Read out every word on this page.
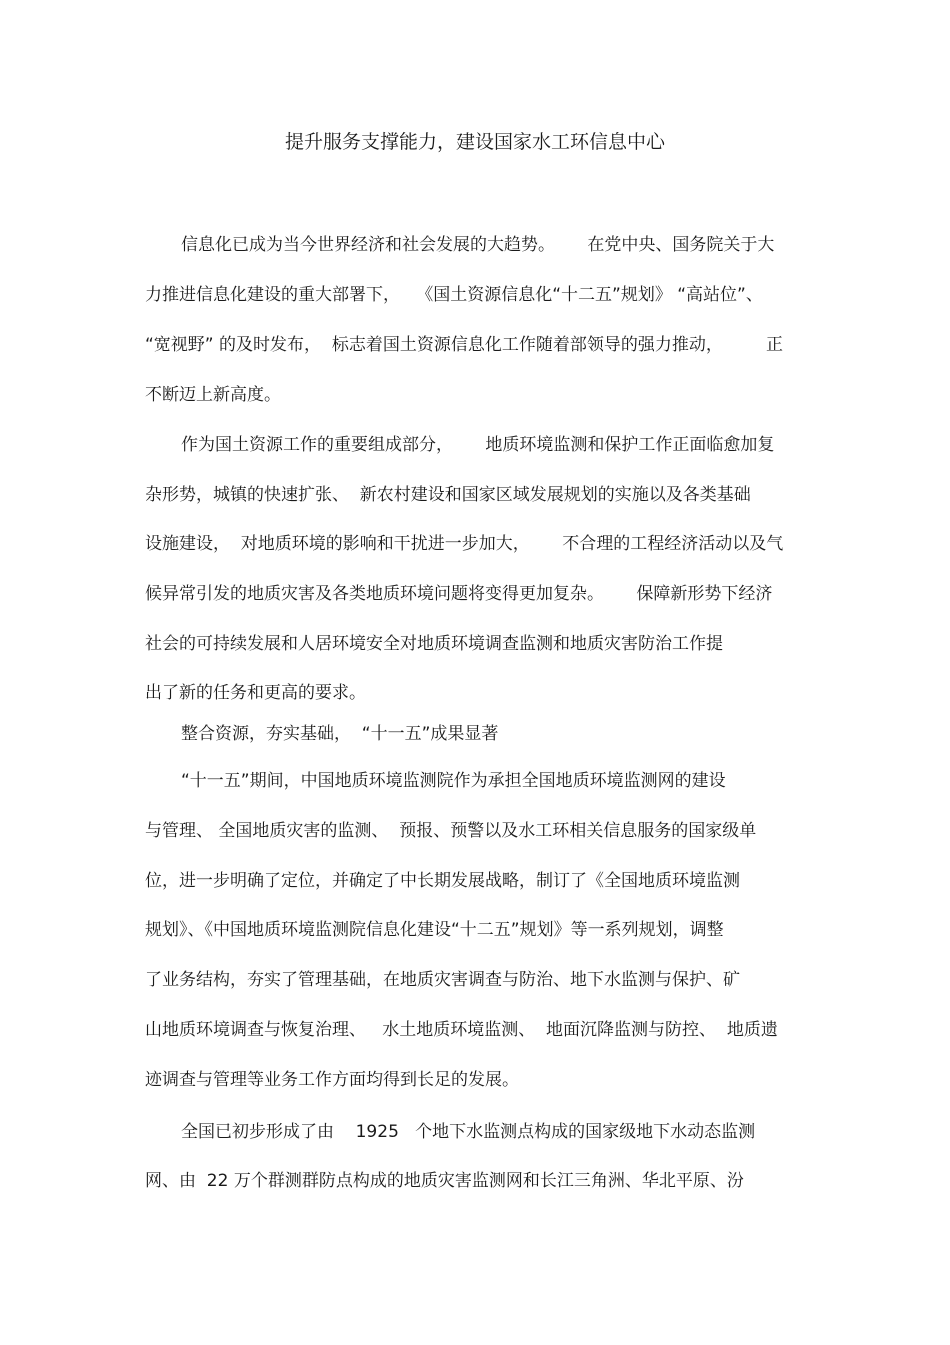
提升服务支撑能力，建设国家水工环信息中心
信息化已成为当今世界经济和社会发展的大趋势。      在党中央、国务院关于大
力推进信息化建设的重大部署下，   《国土资源信息化“十二五”规划》 “高站位”、
“宽视野” 的及时发布，  标志着国土资源信息化工作随着部领导的强力推动，        正
不断迈上新高度。
作为国土资源工作的重要组成部分，      地质环境监测和保护工作正面临愈加复
杂形势，城镇的快速扩张、  新农村建设和国家区域发展规划的实施以及各类基础
设施建设，  对地质环境的影响和干扰进一步加大，      不合理的工程经济活动以及气
候异常引发的地质灾害及各类地质环境问题将变得更加复杂。      保障新形势下经济
社会的可持续发展和人居环境安全对地质环境调查监测和地质灾害防治工作提
出了新的任务和更高的要求。
整合资源，夯实基础，  “十一五”成果显著
“十一五”期间，中国地质环境监测院作为承担全国地质环境监测网的建设
与管理、 全国地质灾害的监测、  预报、预警以及水工环相关信息服务的国家级单
位，进一步明确了定位，并确定了中长期发展战略，制订了《全国地质环境监测
规划》、《中国地质环境监测院信息化建设“十二五”规划》等一系列规划，调整
了业务结构，夯实了管理基础，在地质灾害调查与防治、地下水监测与保护、矿
山地质环境调查与恢复治理、   水土地质环境监测、  地面沉降监测与防控、  地质遗
迹调查与管理等业务工作方面均得到长足的发展。
全国已初步形成了由    1925   个地下水监测点构成的国家级地下水动态监测
网、由  22 万个群测群防点构成的地质灾害监测网和长江三角洲、华北平原、汾
